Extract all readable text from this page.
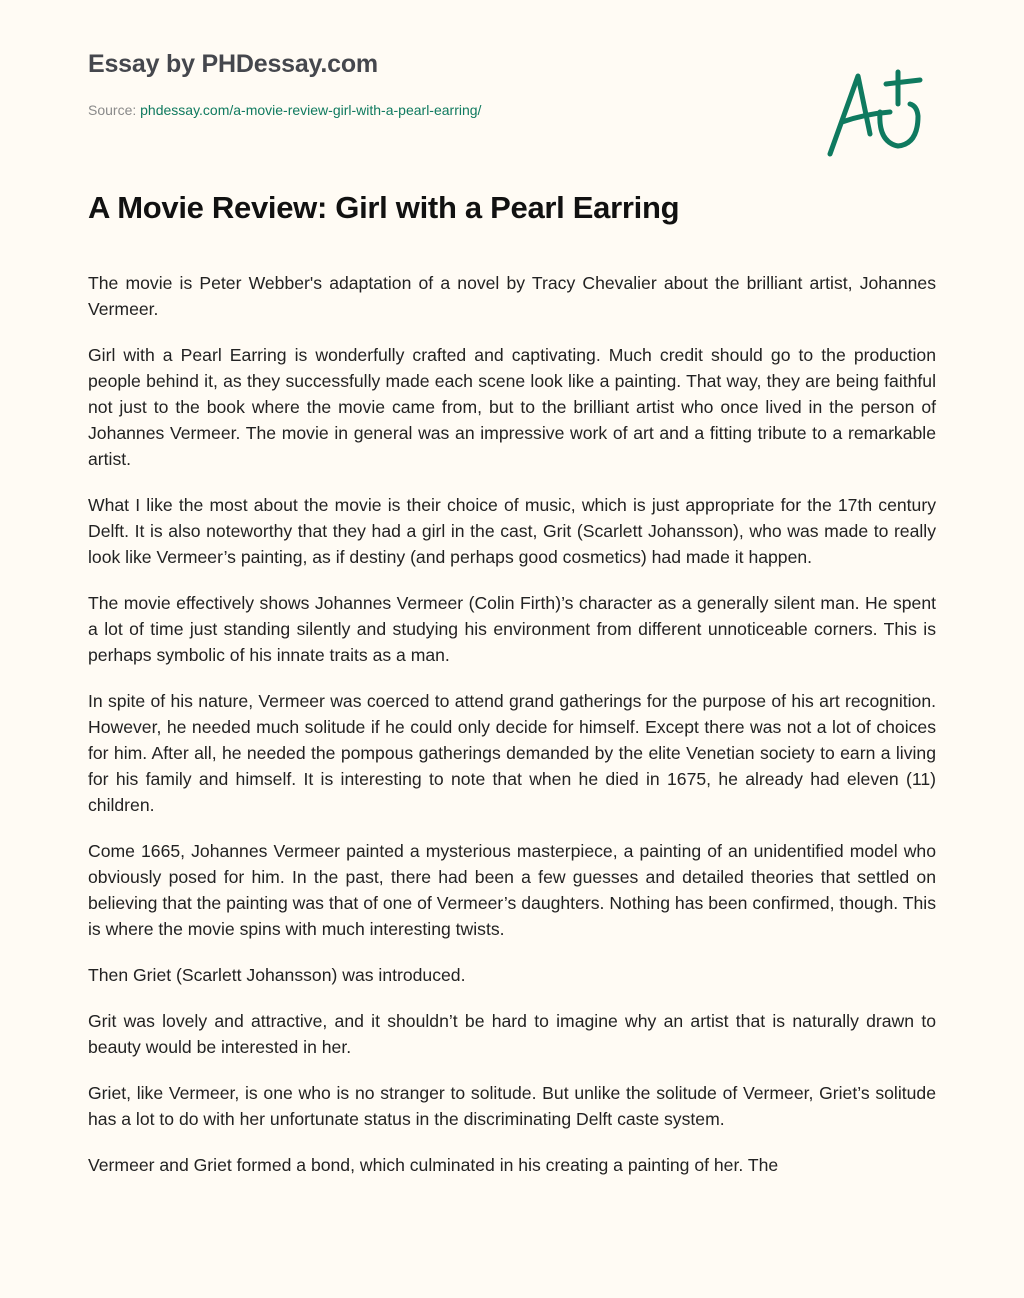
Essay by PHDessay.com
Source: phdessay.com/a-movie-review-girl-with-a-pearl-earring/
A Movie Review: Girl with a Pearl Earring

The movie is Peter Webber's adaptation of a novel by Tracy Chevalier about the brilliant artist, Johannes Vermeer.

Girl with a Pearl Earring is wonderfully crafted and captivating. Much credit should go to the production people behind it, as they successfully made each scene look like a painting. That way, they are being faithful not just to the book where the movie came from, but to the brilliant artist who once lived in the person of Johannes Vermeer. The movie in general was an impressive work of art and a fitting tribute to a remarkable artist.

What I like the most about the movie is their choice of music, which is just appropriate for the 17th century Delft. It is also noteworthy that they had a girl in the cast, Grit (Scarlett Johansson), who was made to really look like Vermeer’s painting, as if destiny (and perhaps good cosmetics) had made it happen.

The movie effectively shows Johannes Vermeer (Colin Firth)’s character as a generally silent man. He spent a lot of time just standing silently and studying his environment from different unnoticeable corners. This is perhaps symbolic of his innate traits as a man.

In spite of his nature, Vermeer was coerced to attend grand gatherings for the purpose of his art recognition. However, he needed much solitude if he could only decide for himself. Except there was not a lot of choices for him. After all, he needed the pompous gatherings demanded by the elite Venetian society to earn a living for his family and himself. It is interesting to note that when he died in 1675, he already had eleven (11) children.

Come 1665, Johannes Vermeer painted a mysterious masterpiece, a painting of an unidentified model who obviously posed for him. In the past, there had been a few guesses and detailed theories that settled on believing that the painting was that of one of Vermeer’s daughters. Nothing has been confirmed, though. This is where the movie spins with much interesting twists.

Then Griet (Scarlett Johansson) was introduced.

Grit was lovely and attractive, and it shouldn’t be hard to imagine why an artist that is naturally drawn to beauty would be interested in her.

Griet, like Vermeer, is one who is no stranger to solitude. But unlike the solitude of Vermeer, Griet’s solitude has a lot to do with her unfortunate status in the discriminating Delft caste system.

Vermeer and Griet formed a bond, which culminated in his creating a painting of her. The
